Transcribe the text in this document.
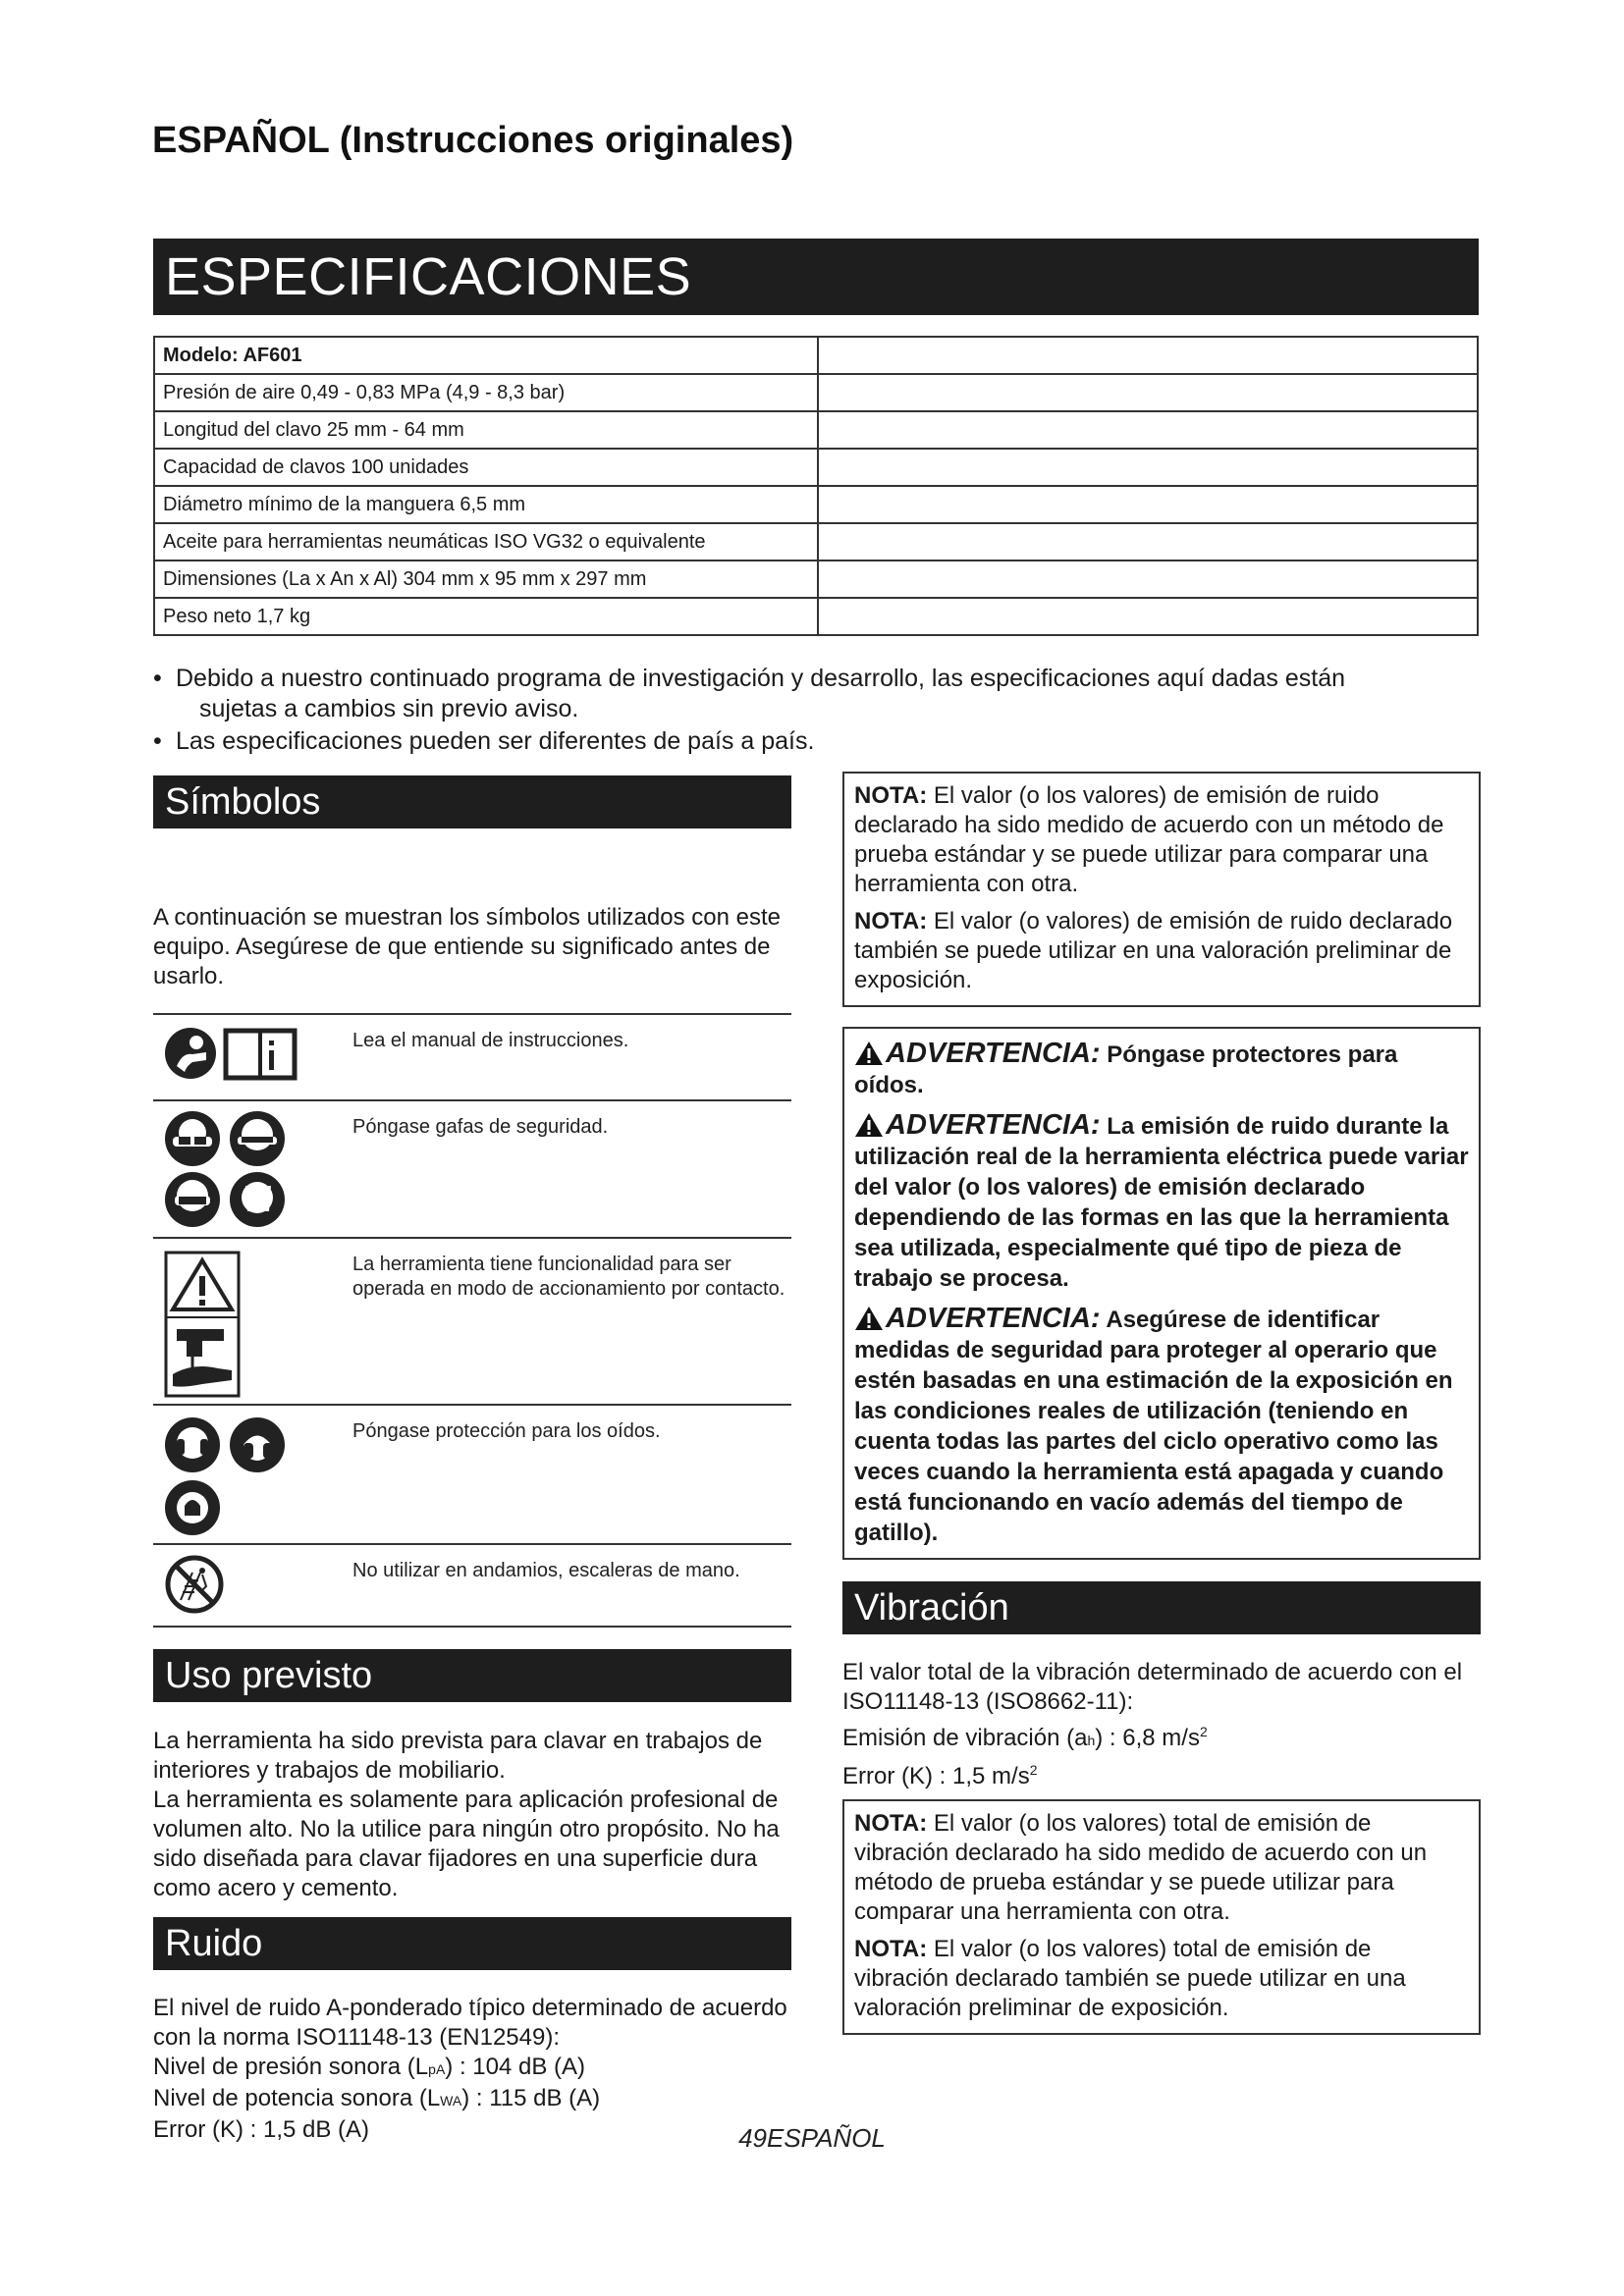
ESPAÑOL (Instrucciones originales)
ESPECIFICACIONES
Modelo: AF601	
Presión de aire 0,49 - 0,83 MPa (4,9 - 8,3 bar)	
Longitud del clavo 25 mm - 64 mm	
Capacidad de clavos 100 unidades	
Diámetro mínimo de la manguera 6,5 mm	
Aceite para herramientas neumáticas ISO VG32 o equivalente	
Dimensiones (La x An x Al) 304 mm x 95 mm x 297 mm	
Peso neto 1,7 kg	
• Debido a nuestro continuado programa de investigación y desarrollo, las especificaciones aquí dadas están
sujetas a cambios sin previo aviso.
• Las especificaciones pueden ser diferentes de país a país.
Símbolos

A continuación se muestran los símbolos utilizados con este equipo. Asegúrese de que entiende su significado antes de usarlo.

Lea el manual de instrucciones.
Póngase gafas de seguridad.
La herramienta tiene funcionalidad para ser operada en modo de accionamiento por contacto.
Póngase protección para los oídos.
No utilizar en andamios, escaleras de mano.
Uso previsto

La herramienta ha sido prevista para clavar en trabajos de interiores y trabajos de mobiliario.

La herramienta es solamente para aplicación profesional de volumen alto. No la utilice para ningún otro propósito. No ha sido diseñada para clavar fijadores en una superficie dura como acero y cemento.

Ruido

El nivel de ruido A-ponderado típico determinado de acuerdo con la norma ISO11148-13 (EN12549):

Nivel de presión sonora (LpA) : 104 dB (A)

Nivel de potencia sonora (LWA) : 115 dB (A)

Error (K) : 1,5 dB (A)

NOTA: El valor (o los valores) de emisión de ruido declarado ha sido medido de acuerdo con un método de prueba estándar y se puede utilizar para comparar una herramienta con otra.

NOTA: El valor (o valores) de emisión de ruido declarado también se puede utilizar en una valoración preliminar de exposición.

ADVERTENCIA: Póngase protectores para oídos.

ADVERTENCIA: La emisión de ruido durante la utilización real de la herramienta eléctrica puede variar del valor (o los valores) de emisión declarado dependiendo de las formas en las que la herramienta sea utilizada, especialmente qué tipo de pieza de trabajo se procesa.

ADVERTENCIA: Asegúrese de identificar medidas de seguridad para proteger al operario que estén basadas en una estimación de la exposición en las condiciones reales de utilización (teniendo en cuenta todas las partes del ciclo operativo como las veces cuando la herramienta está apagada y cuando está funcionando en vacío además del tiempo de gatillo).

Vibración

El valor total de la vibración determinado de acuerdo con el ISO11148-13 (ISO8662-11):

Emisión de vibración (ah) : 6,8 $m/s^2$

Error (K) : 1,5 $m/s^2$

NOTA: El valor (o los valores) total de emisión de vibración declarado ha sido medido de acuerdo con un método de prueba estándar y se puede utilizar para comparar una herramienta con otra.

NOTA: El valor (o los valores) total de emisión de vibración declarado también se puede utilizar en una valoración preliminar de exposición.

49ESPAÑOL
